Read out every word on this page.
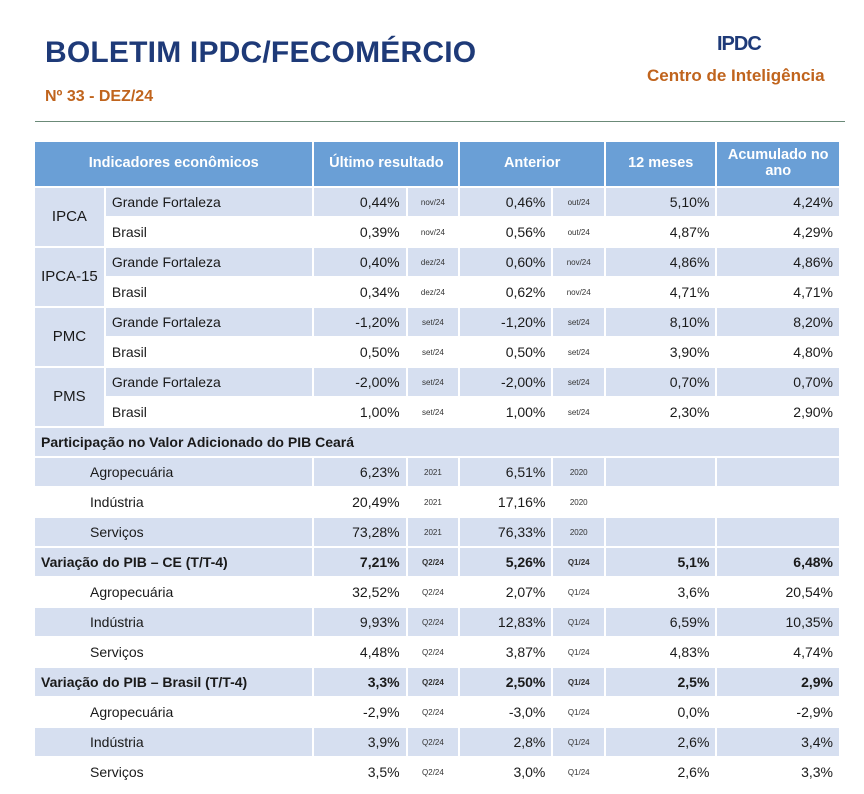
BOLETIM IPDC/FECOMÉRCIO

Nº 33 - DEZ/24

IPDC
Centro de Inteligência
Indicadores econômicos		Último resultado		Anterior		12 meses	Acumulado no ano
IPCA	Grande Fortaleza	0,44%	nov/24	0,46%	out/24	5,10%	4,24%
	Brasil	0,39%	nov/24	0,56%	out/24	4,87%	4,29%
IPCA-15	Grande Fortaleza	0,40%	dez/24	0,60%	nov/24	4,86%	4,86%
	Brasil	0,34%	dez/24	0,62%	nov/24	4,71%	4,71%
PMC	Grande Fortaleza	-1,20%	set/24	-1,20%	set/24	8,10%	8,20%
	Brasil	0,50%	set/24	0,50%	set/24	3,90%	4,80%
PMS	Grande Fortaleza	-2,00%	set/24	-2,00%	set/24	0,70%	0,70%
	Brasil	1,00%	set/24	1,00%	set/24	2,30%	2,90%
Participação no Valor Adicionado do PIB Ceará							
Agropecuária		6,23%	2021	6,51%	2020		
Indústria		20,49%	2021	17,16%	2020		
Serviços		73,28%	2021	76,33%	2020		
Variação do PIB – CE (T/T-4)		7,21%	Q2/24	5,26%	Q1/24	5,1%	6,48%
Agropecuária		32,52%	Q2/24	2,07%	Q1/24	3,6%	20,54%
Indústria		9,93%	Q2/24	12,83%	Q1/24	6,59%	10,35%
Serviços		4,48%	Q2/24	3,87%	Q1/24	4,83%	4,74%
Variação do PIB – Brasil (T/T-4)		3,3%	Q2/24	2,50%	Q1/24	2,5%	2,9%
Agropecuária		-2,9%	Q2/24	-3,0%	Q1/24	0,0%	-2,9%
Indústria		3,9%	Q2/24	2,8%	Q1/24	2,6%	3,4%
Serviços		3,5%	Q2/24	3,0%	Q1/24	2,6%	3,3%
